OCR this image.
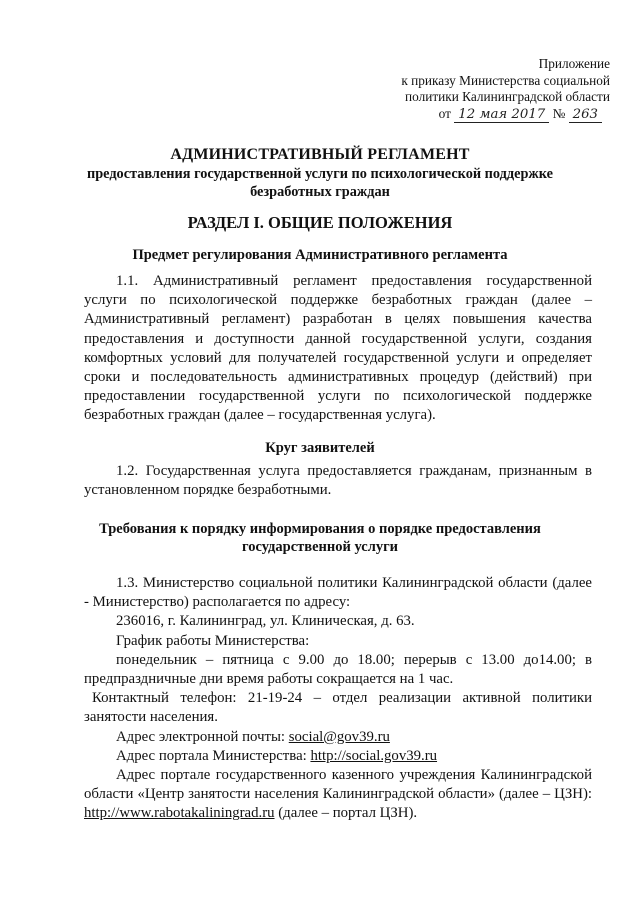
Приложение
к приказу Министерства социальной
политики Калининградской области
от 12 мая 2017 № 263
АДМИНИСТРАТИВНЫЙ РЕГЛАМЕНТ
предоставления государственной услуги по психологической поддержке безработных граждан
РАЗДЕЛ I. ОБЩИЕ ПОЛОЖЕНИЯ
Предмет регулирования Административного регламента
1.1. Административный регламент предоставления государственной услуги по психологической поддержке безработных граждан (далее – Административный регламент) разработан в целях повышения качества предоставления и доступности данной государственной услуги, создания комфортных условий для получателей государственной услуги и определяет сроки и последовательность административных процедур (действий) при предоставлении государственной услуги по психологической поддержке безработных граждан (далее – государственная услуга).
Круг заявителей
1.2. Государственная услуга предоставляется гражданам, признанным в установленном порядке безработными.
Требования к порядку информирования о порядке предоставления государственной услуги
1.3. Министерство социальной политики Калининградской области (далее - Министерство) располагается по адресу:
236016, г. Калининград, ул. Клиническая, д. 63.
График работы Министерства:
понедельник – пятница с 9.00 до 18.00; перерыв с 13.00 до14.00; в предпраздничные дни время работы сокращается на 1 час.
Контактный телефон: 21-19-24 – отдел реализации активной политики занятости населения.
Адрес электронной почты: social@gov39.ru
Адрес портала Министерства: http://social.gov39.ru
Адрес портале государственного казенного учреждения Калининградской области «Центр занятости населения Калининградской области» (далее – ЦЗН): http://www.rabotakaliningrad.ru (далее – портал ЦЗН).
